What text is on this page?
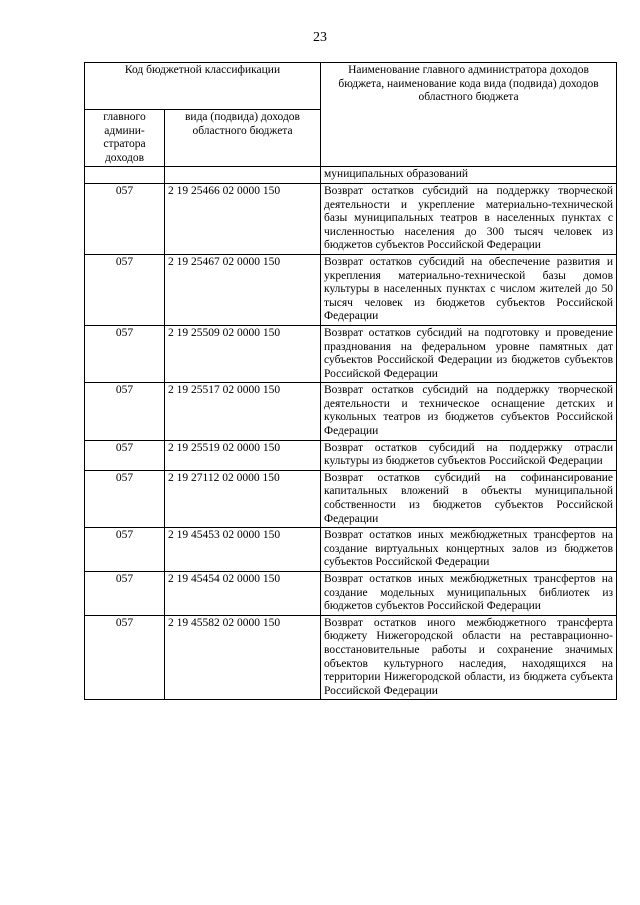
23
Код бюджетной классификации		Наименование главного администратора доходов бюджета, наименование кода вида (подвида) доходов областного бюджета
главного админи-стратора доходов	вида (подвида) доходов областного бюджета	
		муниципальных образований
057	2 19 25466 02 0000 150	Возврат остатков субсидий на поддержку творческой деятельности и укрепление материально-технической базы муниципальных театров в населенных пунктах с численностью населения до 300 тысяч человек из бюджетов субъектов Российской Федерации
057	2 19 25467 02 0000 150	Возврат остатков субсидий на обеспечение развития и укрепления материально-технической базы домов культуры в населенных пунктах с числом жителей до 50 тысяч человек из бюджетов субъектов Российской Федерации
057	2 19 25509 02 0000 150	Возврат остатков субсидий на подготовку и проведение празднования на федеральном уровне памятных дат субъектов Российской Федерации из бюджетов субъектов Российской Федерации
057	2 19 25517 02 0000 150	Возврат остатков субсидий на поддержку творческой деятельности и техническое оснащение детских и кукольных театров из бюджетов субъектов Российской Федерации
057	2 19 25519 02 0000 150	Возврат остатков субсидий на поддержку отрасли культуры из бюджетов субъектов Российской Федерации
057	2 19 27112 02 0000 150	Возврат остатков субсидий на софинансирование капитальных вложений в объекты муниципальной собственности из бюджетов субъектов Российской Федерации
057	2 19 45453 02 0000 150	Возврат остатков иных межбюджетных трансфертов на создание виртуальных концертных залов из бюджетов субъектов Российской Федерации
057	2 19 45454 02 0000 150	Возврат остатков иных межбюджетных трансфертов на создание модельных муниципальных библиотек из бюджетов субъектов Российской Федерации
057	2 19 45582 02 0000 150	Возврат остатков иного межбюджетного трансферта бюджету Нижегородской области на реставрационно-восстановительные работы и сохранение значимых объектов культурного наследия, находящихся на территории Нижегородской области, из бюджета субъекта Российской Федерации
